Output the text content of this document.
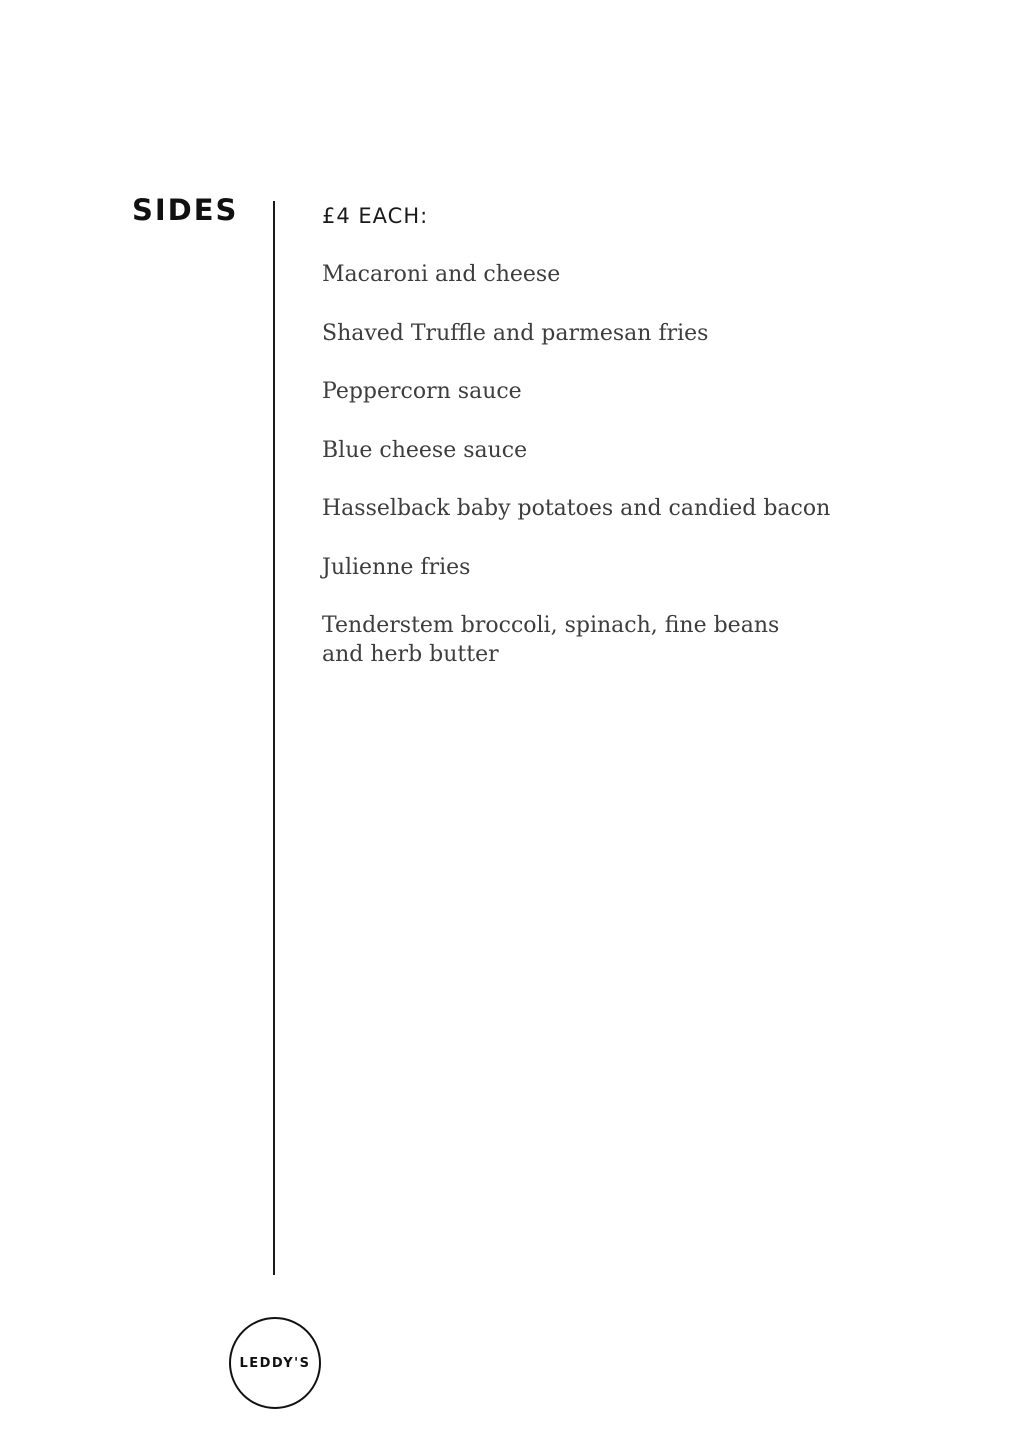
SIDES	£4 EACH:

Macaroni and cheese
Shaved Truffle and parmesan fries
Peppercorn sauce
Blue cheese sauce
Hasselback baby potatoes and candied bacon
Julienne fries
Tenderstem broccoli, spinach, fine beans
and herb butter
LEDDY'S
